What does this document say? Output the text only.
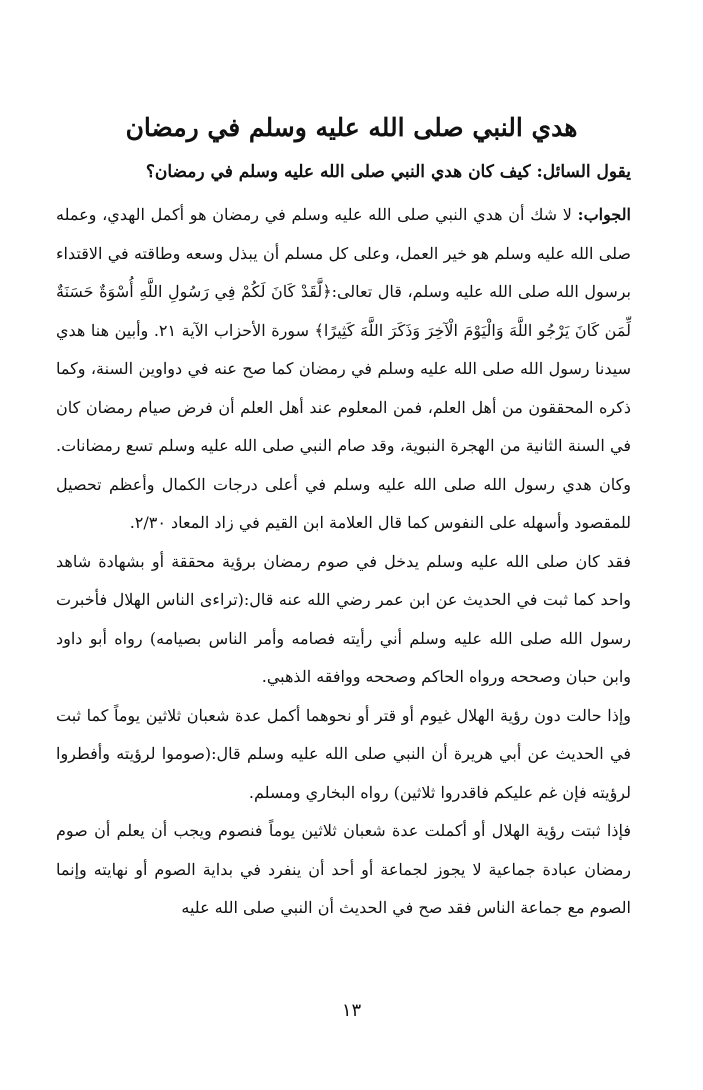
هدي النبي صلى الله عليه وسلم في رمضان
يقول السائل: كيف كان هدي النبي صلى الله عليه وسلم في رمضان؟

الجواب: لا شك أن هدي النبي صلى الله عليه وسلم في رمضان هو أكمل الهدي، وعمله صلى الله عليه وسلم هو خير العمل، وعلى كل مسلم أن يبذل وسعه وطاقته في الاقتداء برسول الله صلى الله عليه وسلم، قال تعالى:﴿لَّقَدْ كَانَ لَكُمْ فِي رَسُولِ اللَّهِ أُسْوَةٌ حَسَنَةٌ لِّمَن كَانَ يَرْجُو اللَّهَ وَالْيَوْمَ الْآخِرَ وَذَكَرَ اللَّهَ كَثِيرًا﴾ سورة الأحزاب الآية ٢١. وأبين هنا هدي سيدنا رسول الله صلى الله عليه وسلم في رمضان كما صح عنه في دواوين السنة، وكما ذكره المحققون من أهل العلم، فمن المعلوم عند أهل العلم أن فرض صيام رمضان كان في السنة الثانية من الهجرة النبوية، وقد صام النبي صلى الله عليه وسلم تسع رمضانات. وكان هدي رسول الله صلى الله عليه وسلم في أعلى درجات الكمال وأعظم تحصيل للمقصود وأسهله على النفوس كما قال العلامة ابن القيم في زاد المعاد ٢/٣٠.

فقد كان صلى الله عليه وسلم يدخل في صوم رمضان برؤية محققة أو بشهادة شاهد واحد كما ثبت في الحديث عن ابن عمر رضي الله عنه قال:(تراءى الناس الهلال فأخبرت رسول الله صلى الله عليه وسلم أني رأيته فصامه وأمر الناس بصيامه) رواه أبو داود وابن حبان وصححه ورواه الحاكم وصححه ووافقه الذهبي.

وإذا حالت دون رؤية الهلال غيوم أو قتر أو نحوهما أكمل عدة شعبان ثلاثين يوماً كما ثبت في الحديث عن أبي هريرة أن النبي صلى الله عليه وسلم قال:(صوموا لرؤيته وأفطروا لرؤيته فإن غم عليكم فاقدروا ثلاثين) رواه البخاري ومسلم.

فإذا ثبتت رؤية الهلال أو أكملت عدة شعبان ثلاثين يوماً فنصوم ويجب أن يعلم أن صوم رمضان عبادة جماعية لا يجوز لجماعة أو أحد أن ينفرد في بداية الصوم أو نهايته وإنما الصوم مع جماعة الناس فقد صح في الحديث أن النبي صلى الله عليه

١٣
